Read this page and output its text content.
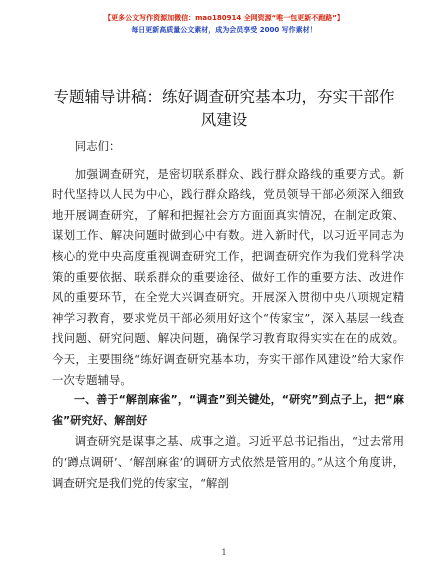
【更多公文写作资源加微信：mao180914 全网资源“唯一包更新不跑路”】
每日更新高质量公文素材，成为会员享受 2000 写作素材！
专题辅导讲稿：练好调查研究基本功，夯实干部作风建设

同志们：

加强调查研究，是密切联系群众、践行群众路线的重要方式。新时代坚持以人民为中心，践行群众路线，党员领导干部必须深入细致地开展调查研究，了解和把握社会方方面面真实情况，在制定政策、谋划工作、解决问题时做到心中有数。进入新时代，以习近平同志为核心的党中央高度重视调查研究工作，把调查研究作为我们党科学决策的重要依据、联系群众的重要途径、做好工作的重要方法、改进作风的重要环节，在全党大兴调查研究。开展深入贯彻中央八项规定精神学习教育，要求党员干部必须用好这个“传家宝”，深入基层一线查找问题、研究问题、解决问题，确保学习教育取得实实在在的成效。今天，主要围绕“练好调查研究基本功，夯实干部作风建设”给大家作一次专题辅导。

一、善于“解剖麻雀”，“调查”到关键处，“研究”到点子上，把“麻雀”研究好、解剖好

调查研究是谋事之基、成事之道。习近平总书记指出，“过去常用的‘蹲点调研’、‘解剖麻雀’的调研方式依然是管用的。”从这个角度讲，调查研究是我们党的传家宝，“解剖

1
